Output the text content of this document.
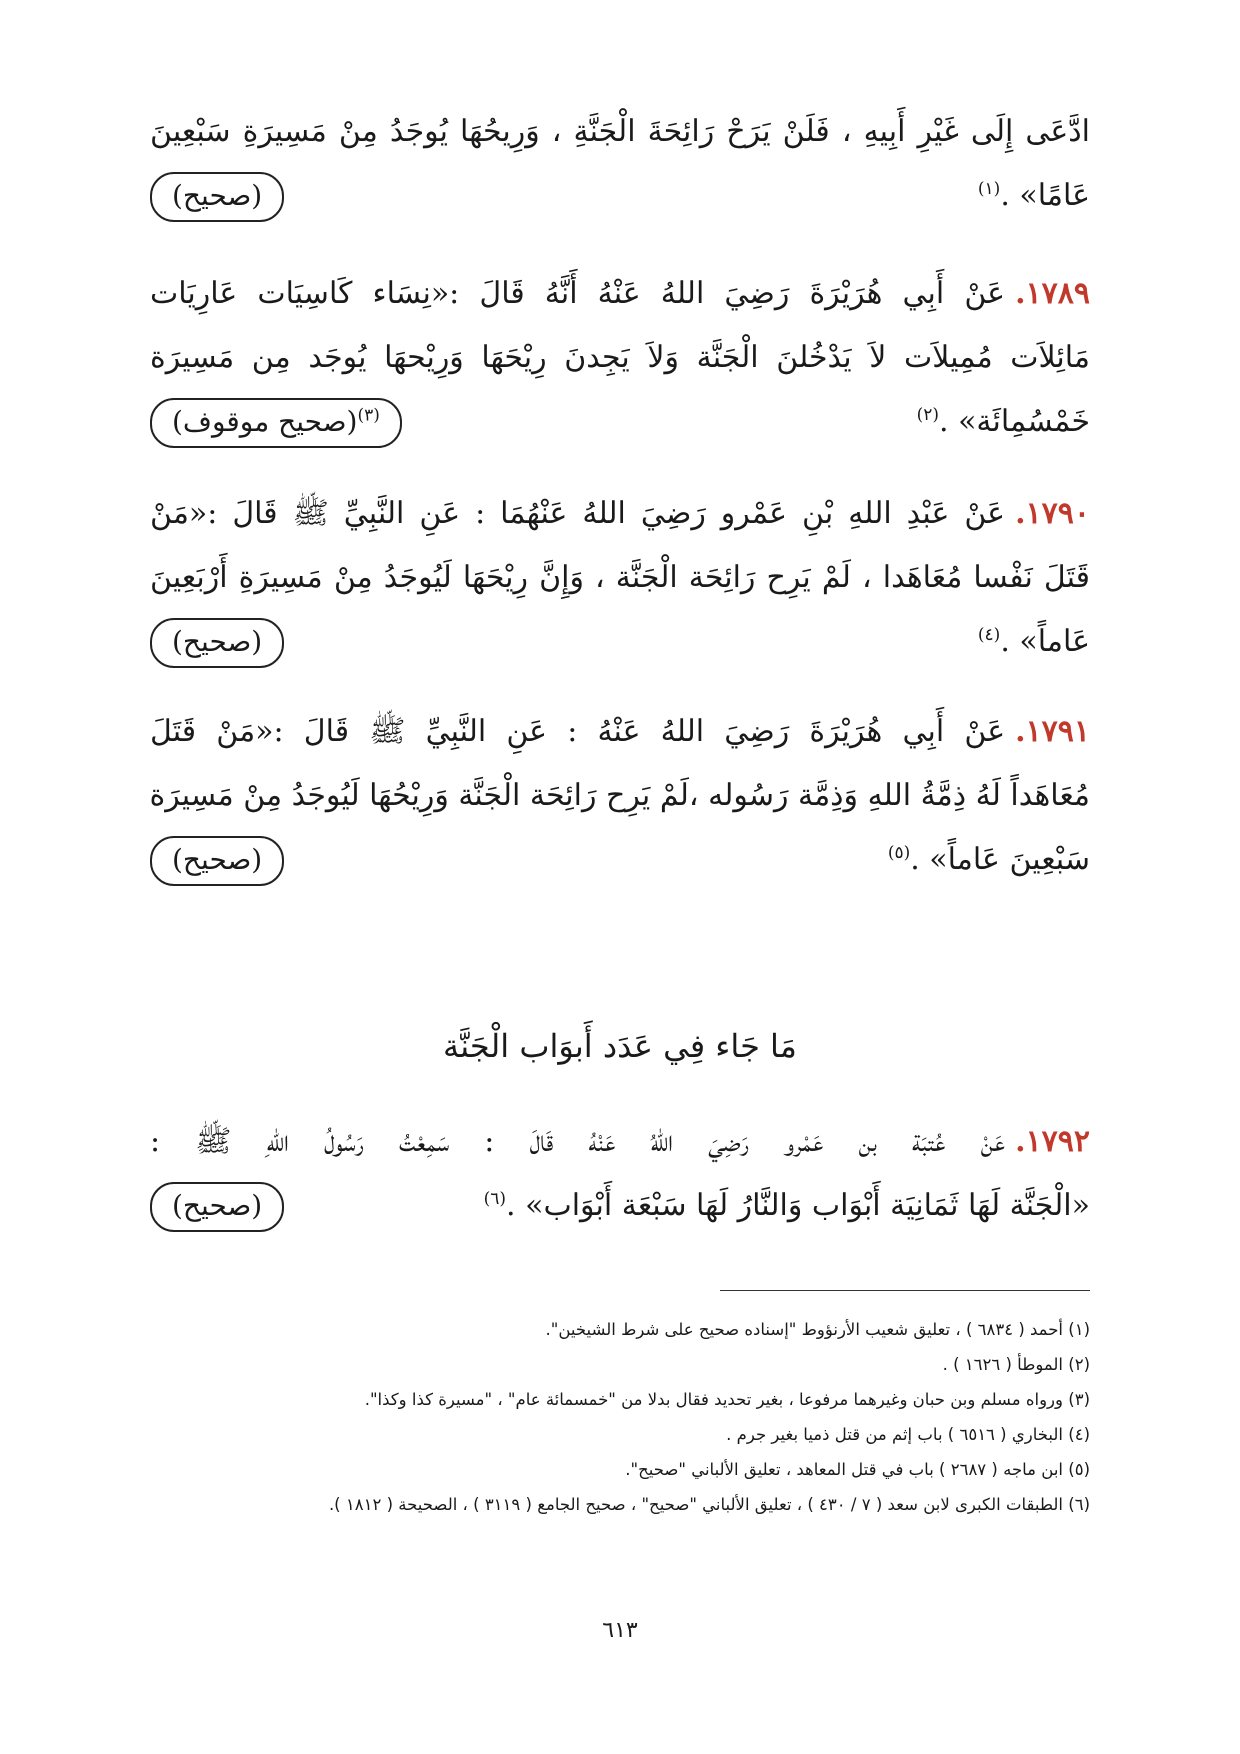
ادَّعَى إِلَى غَيْرِ أَبِيهِ ، فَلَنْ يَرَحْ رَائِحَةَ الْجَنَّةِ ، وَرِيحُهَا يُوجَدُ مِنْ مَسِيرَةِ سَبْعِينَ
عَامًا» .$^{(١)}$
(صحيح)
١٧٨٩.عَنْ أَبِي هُرَيْرَةَ رَضِيَ اللهُ عَنْهُ أَنَّهُ قَالَ :«نِسَاء كَاسِيَات عَارِيَات
مَائِلاَت مُمِيلاَت لاَ يَدْخُلنَ الْجَنَّة وَلاَ يَجِدنَ رِيْحَهَا وَرِيْحهَا يُوجَد مِن مَسِيرَة
خَمْسُمِائَة» .$^{(٢)}$
$^{(٣)}$(صحيح موقوف)
١٧٩٠.عَنْ عَبْدِ اللهِ بْنِ عَمْرو رَضِيَ اللهُ عَنْهُمَا : عَنِ النَّبِيِّ ﷺ قَالَ :«مَنْ
قَتَلَ نَفْسا مُعَاهَدا ، لَمْ يَرِح رَائِحَة الْجَنَّة ، وَإِنَّ رِيْحَهَا لَيُوجَدُ مِنْ مَسِيرَةِ أَرْبَعِينَ
عَاماً» .$^{(٤)}$
(صحيح)
١٧٩١.عَنْ أَبِي هُرَيْرَةَ رَضِيَ اللهُ عَنْهُ : عَنِ النَّبِيِّ ﷺ قَالَ :«مَنْ قَتَلَ
مُعَاهَداً لَهُ ذِمَّةُ اللهِ وَذِمَّة رَسُوله ،لَمْ يَرِح رَائِحَة الْجَنَّة وَرِيْحُهَا لَيُوجَدُ مِنْ مَسِيرَة
سَبْعِينَ عَاماً» .$^{(٥)}$
(صحيح)
مَا جَاء فِي عَدَد أَبوَاب الْجَنَّة
١٧٩٢.عَنْ عُتبَة بن عَمْرو رَضِيَ اللهُ عَنْهُ قَالَ : سَمِعْتُ رَسُولُ اللهِ ﷺ :
«الْجَنَّة لَهَا ثَمَانِيَة أَبْوَاب وَالنَّارُ لَهَا سَبْعَة أَبْوَاب» .$^{(٦)}$
(صحيح)
(١) أحمد ( ٦٨٣٤ ) ، تعليق شعيب الأرنؤوط "إسناده صحيح على شرط الشيخين".
(٢) الموطأ ( ١٦٢٦ ) .
(٣) ورواه مسلم وبن حبان وغيرهما مرفوعا ، بغير تحديد فقال بدلا من "خمسمائة عام" ، "مسيرة كذا وكذا".
(٤) البخاري ( ٦٥١٦ ) باب إثم من قتل ذميا بغير جرم .
(٥) ابن ماجه ( ٢٦٨٧ ) باب في قتل المعاهد ، تعليق الألباني "صحيح".
(٦) الطبقات الكبرى لابن سعد ( ٧ / ٤٣٠ ) ، تعليق الألباني "صحيح" ، صحيح الجامع ( ٣١١٩ ) ، الصحيحة ( ١٨١٢ ).
٦١٣
